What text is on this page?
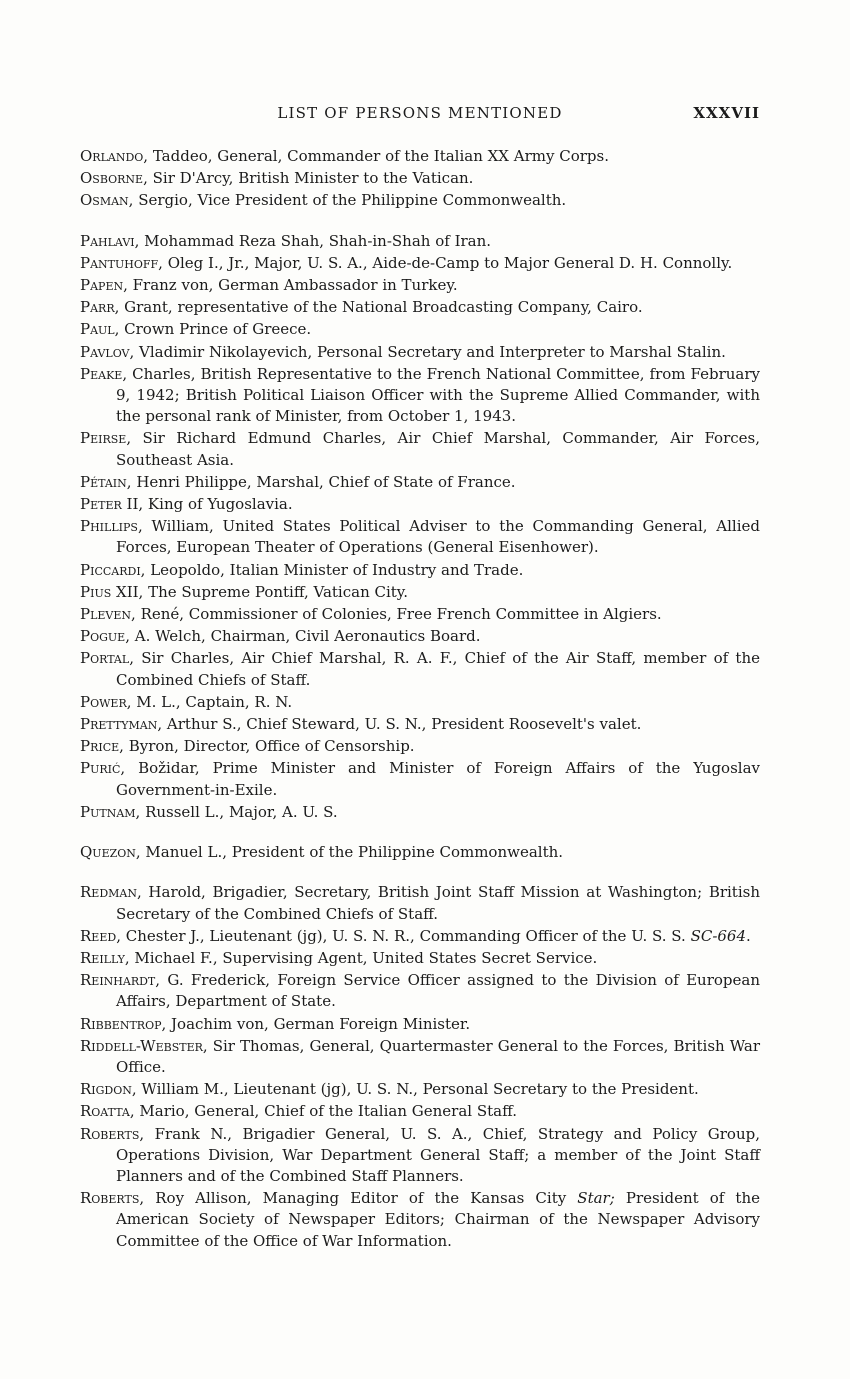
LIST OF PERSONS MENTIONED	XXXVII
Orlando, Taddeo, General, Commander of the Italian XX Army Corps.
Osborne, Sir D'Arcy, British Minister to the Vatican.
Osman, Sergio, Vice President of the Philippine Commonwealth.
Pahlavi, Mohammad Reza Shah, Shah-in-Shah of Iran.
Pantuhoff, Oleg I., Jr., Major, U. S. A., Aide-de-Camp to Major General D. H. Connolly.
Papen, Franz von, German Ambassador in Turkey.
Parr, Grant, representative of the National Broadcasting Company, Cairo.
Paul, Crown Prince of Greece.
Pavlov, Vladimir Nikolayevich, Personal Secretary and Interpreter to Marshal Stalin.
Peake, Charles, British Representative to the French National Committee, from February 9, 1942; British Political Liaison Officer with the Supreme Allied Commander, with the personal rank of Minister, from October 1, 1943.
Peirse, Sir Richard Edmund Charles, Air Chief Marshal, Commander, Air Forces, Southeast Asia.
Pétain, Henri Philippe, Marshal, Chief of State of France.
Peter II, King of Yugoslavia.
Phillips, William, United States Political Adviser to the Commanding General, Allied Forces, European Theater of Operations (General Eisenhower).
Piccardi, Leopoldo, Italian Minister of Industry and Trade.
Pius XII, The Supreme Pontiff, Vatican City.
Pleven, René, Commissioner of Colonies, Free French Committee in Algiers.
Pogue, A. Welch, Chairman, Civil Aeronautics Board.
Portal, Sir Charles, Air Chief Marshal, R. A. F., Chief of the Air Staff, member of the Combined Chiefs of Staff.
Power, M. L., Captain, R. N.
Prettyman, Arthur S., Chief Steward, U. S. N., President Roosevelt's valet.
Price, Byron, Director, Office of Censorship.
Purić, Božidar, Prime Minister and Minister of Foreign Affairs of the Yugoslav Government-in-Exile.
Putnam, Russell L., Major, A. U. S.
Quezon, Manuel L., President of the Philippine Commonwealth.
Redman, Harold, Brigadier, Secretary, British Joint Staff Mission at Washington; British Secretary of the Combined Chiefs of Staff.
Reed, Chester J., Lieutenant (jg), U. S. N. R., Commanding Officer of the U. S. S. SC-664.
Reilly, Michael F., Supervising Agent, United States Secret Service.
Reinhardt, G. Frederick, Foreign Service Officer assigned to the Division of European Affairs, Department of State.
Ribbentrop, Joachim von, German Foreign Minister.
Riddell-Webster, Sir Thomas, General, Quartermaster General to the Forces, British War Office.
Rigdon, William M., Lieutenant (jg), U. S. N., Personal Secretary to the President.
Roatta, Mario, General, Chief of the Italian General Staff.
Roberts, Frank N., Brigadier General, U. S. A., Chief, Strategy and Policy Group, Operations Division, War Department General Staff; a member of the Joint Staff Planners and of the Combined Staff Planners.
Roberts, Roy Allison, Managing Editor of the Kansas City Star; President of the American Society of Newspaper Editors; Chairman of the Newspaper Advisory Committee of the Office of War Information.
